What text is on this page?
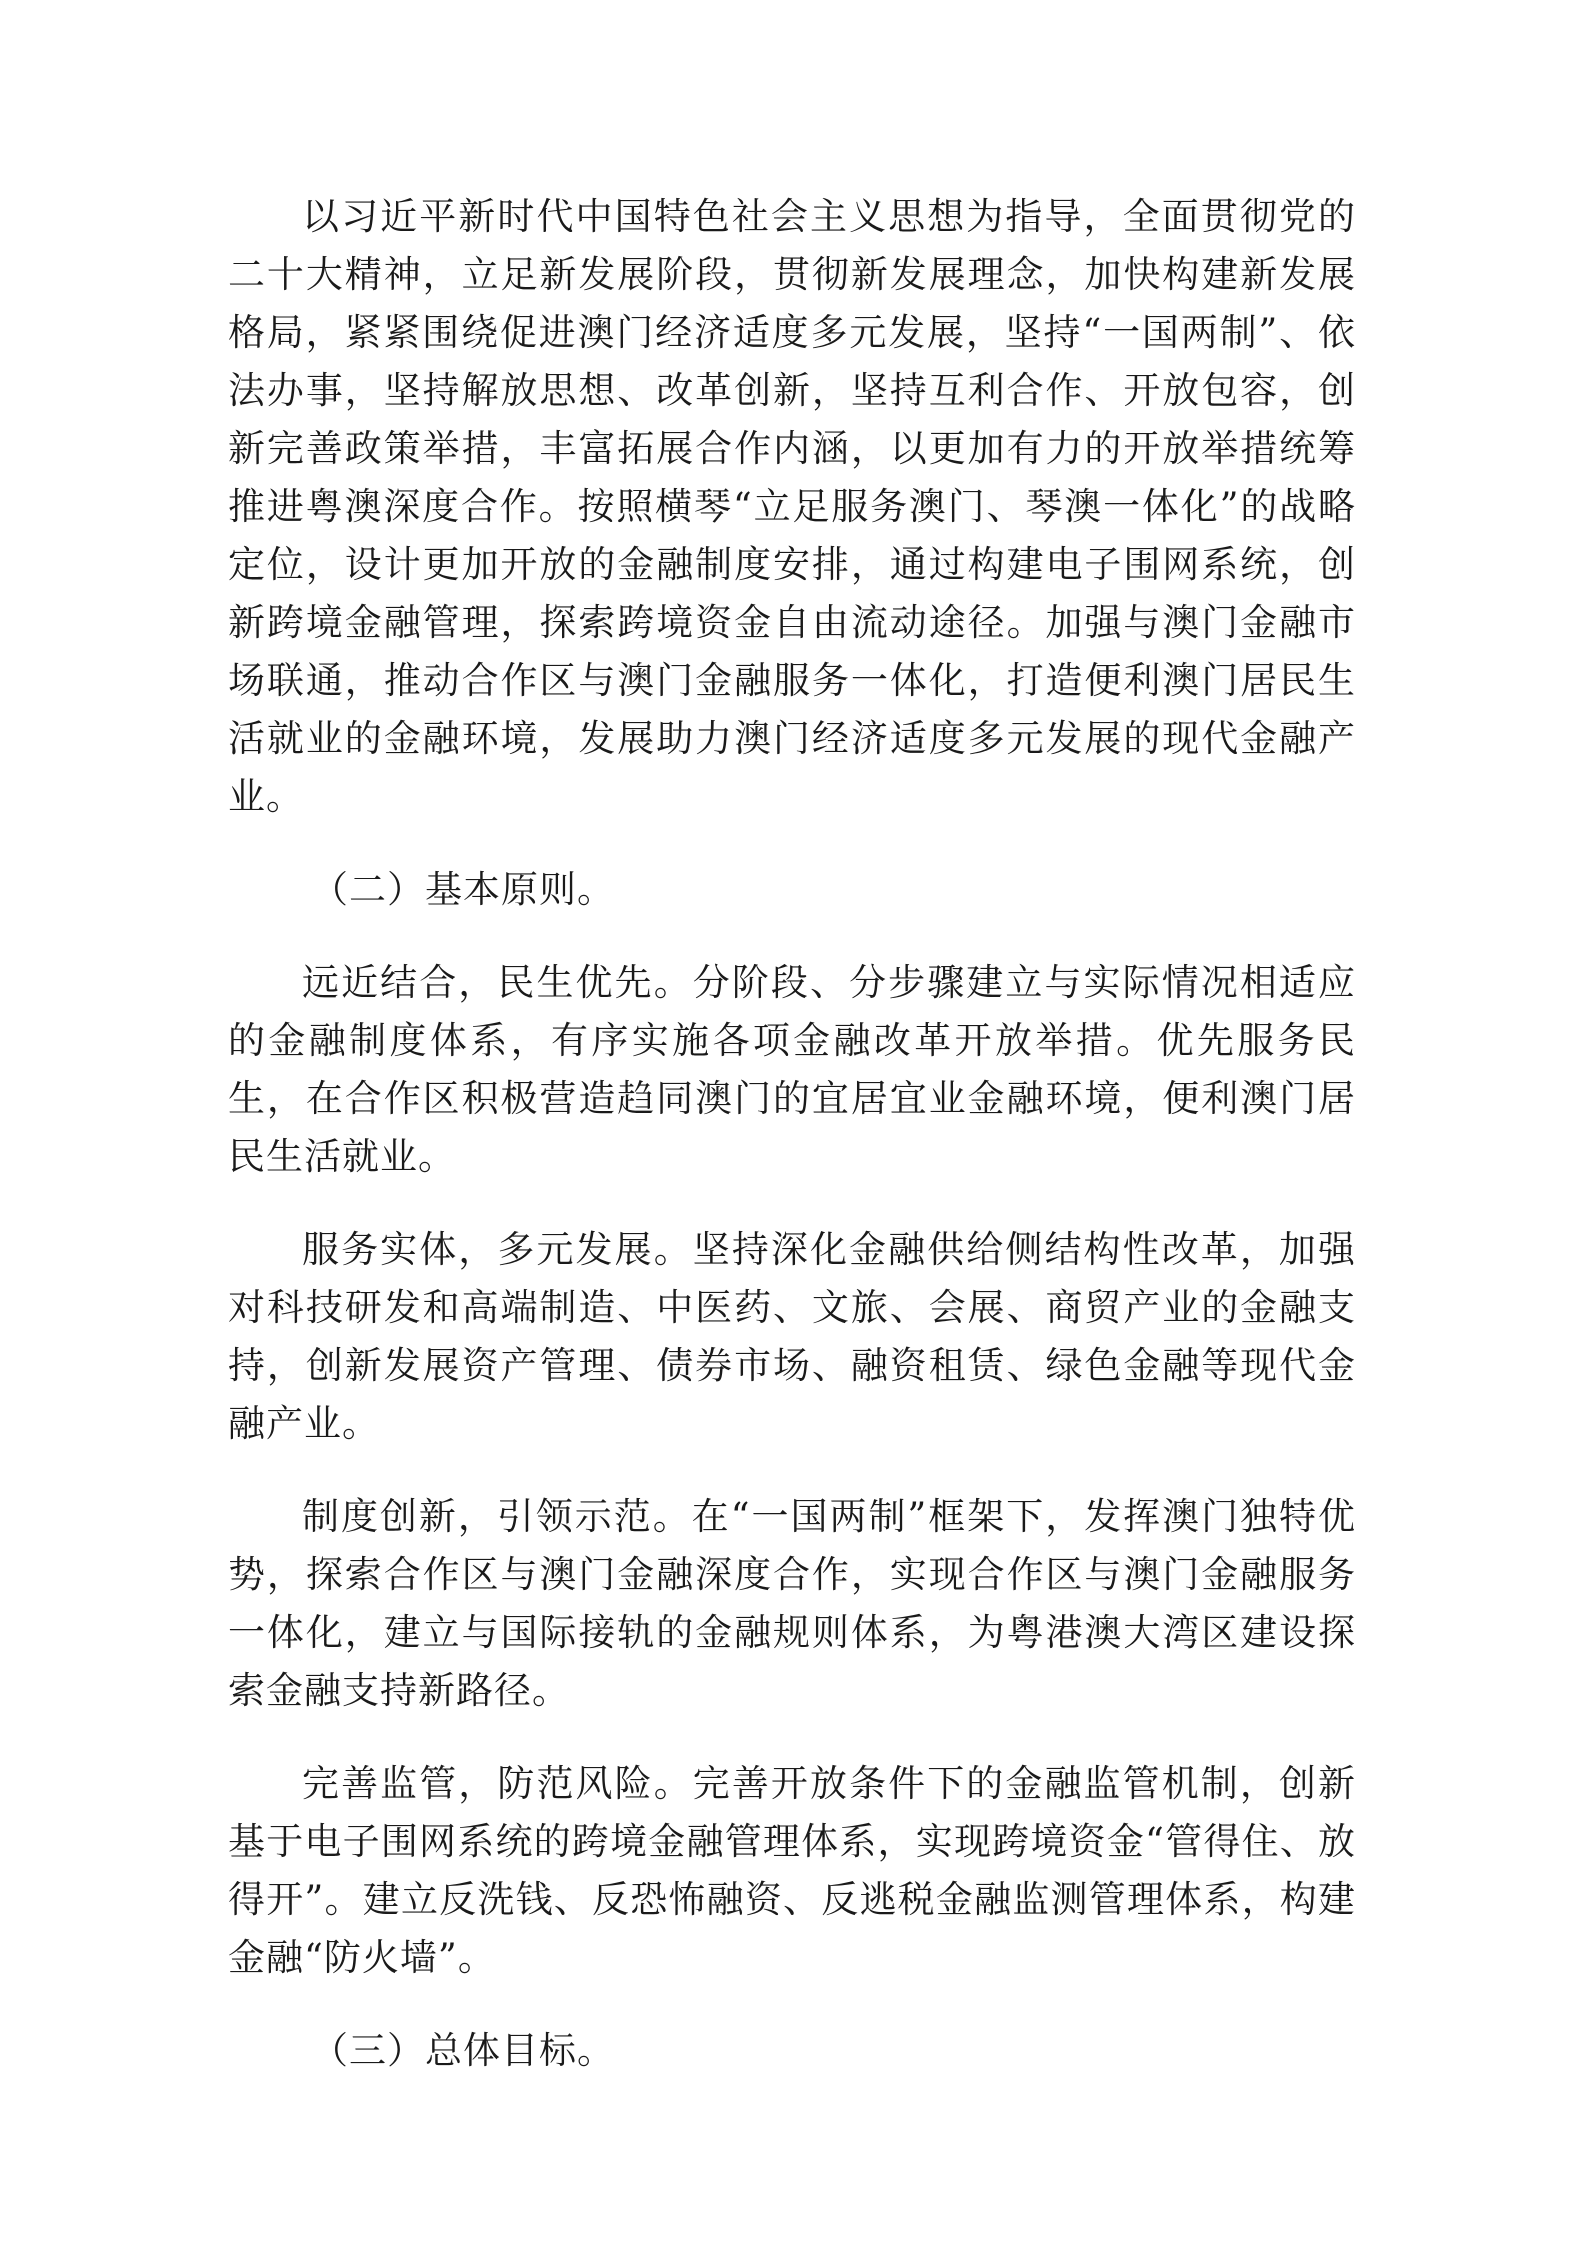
以习近平新时代中国特色社会主义思想为指导，全面贯彻党的二十大精神，立足新发展阶段，贯彻新发展理念，加快构建新发展格局，紧紧围绕促进澳门经济适度多元发展，坚持“一国两制”、依法办事，坚持解放思想、改革创新，坚持互利合作、开放包容，创新完善政策举措，丰富拓展合作内涵，以更加有力的开放举措统筹推进粤澳深度合作。按照横琴“立足服务澳门、琴澳一体化”的战略定位，设计更加开放的金融制度安排，通过构建电子围网系统，创新跨境金融管理，探索跨境资金自由流动途径。加强与澳门金融市场联通，推动合作区与澳门金融服务一体化，打造便利澳门居民生活就业的金融环境，发展助力澳门经济适度多元发展的现代金融产业。

（二）基本原则。

远近结合，民生优先。分阶段、分步骤建立与实际情况相适应的金融制度体系，有序实施各项金融改革开放举措。优先服务民生，在合作区积极营造趋同澳门的宜居宜业金融环境，便利澳门居民生活就业。

服务实体，多元发展。坚持深化金融供给侧结构性改革，加强对科技研发和高端制造、中医药、文旅、会展、商贸产业的金融支持，创新发展资产管理、债券市场、融资租赁、绿色金融等现代金融产业。

制度创新，引领示范。在“一国两制”框架下，发挥澳门独特优势，探索合作区与澳门金融深度合作，实现合作区与澳门金融服务一体化，建立与国际接轨的金融规则体系，为粤港澳大湾区建设探索金融支持新路径。

完善监管，防范风险。完善开放条件下的金融监管机制，创新基于电子围网系统的跨境金融管理体系，实现跨境资金“管得住、放得开”。建立反洗钱、反恐怖融资、反逃税金融监测管理体系，构建金融“防火墙”。

（三）总体目标。
